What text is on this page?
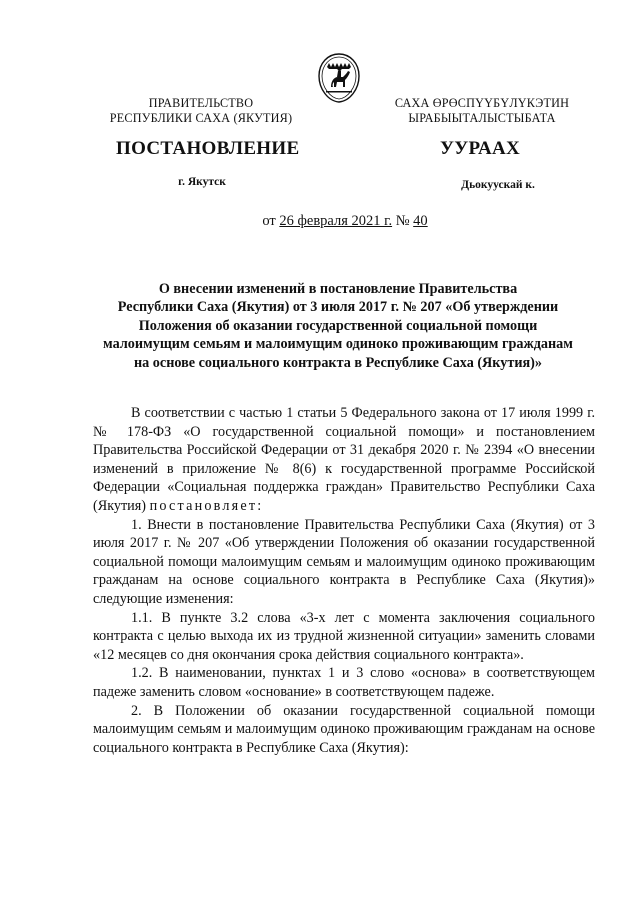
ПРАВИТЕЛЬСТВО
РЕСПУБЛИКИ САХА (ЯКУТИЯ)
САХА ӨРӨСПҮҮБҮЛҮКЭТИН
ЫРАБЫЫТАЛЫСТЫБАТА
ПОСТАНОВЛЕНИЕ	УУРААХ
г. Якутск	Дьокуускай к.
от 26 февраля 2021 г. № 40
О внесении изменений в постановление Правительства
Республики Саха (Якутия) от 3 июля 2017 г. № 207 «Об утверждении
Положения об оказании государственной социальной помощи
малоимущим семьям и малоимущим одиноко проживающим гражданам
на основе социального контракта в Республике Саха (Якутия)»

В соответствии с частью 1 статьи 5 Федерального закона от 17 июля 1999 г. № 178-ФЗ «О государственной социальной помощи» и постановлением Правительства Российской Федерации от 31 декабря 2020 г. № 2394 «О внесении изменений в приложение № 8(6) к государственной программе Российской Федерации «Социальная поддержка граждан» Правительство Республики Саха (Якутия) постановляет:

1. Внести в постановление Правительства Республики Саха (Якутия) от 3 июля 2017 г. № 207 «Об утверждении Положения об оказании государственной социальной помощи малоимущим семьям и малоимущим одиноко проживающим гражданам на основе социального контракта в Республике Саха (Якутия)» следующие изменения:

1.1. В пункте 3.2 слова «3-х лет с момента заключения социального контракта с целью выхода их из трудной жизненной ситуации» заменить словами «12 месяцев со дня окончания срока действия социального контракта».

1.2. В наименовании, пунктах 1 и 3 слово «основа» в соответствующем падеже заменить словом «основание» в соответствующем падеже.

2. В Положении об оказании государственной социальной помощи малоимущим семьям и малоимущим одиноко проживающим гражданам на основе социального контракта в Республике Саха (Якутия):
